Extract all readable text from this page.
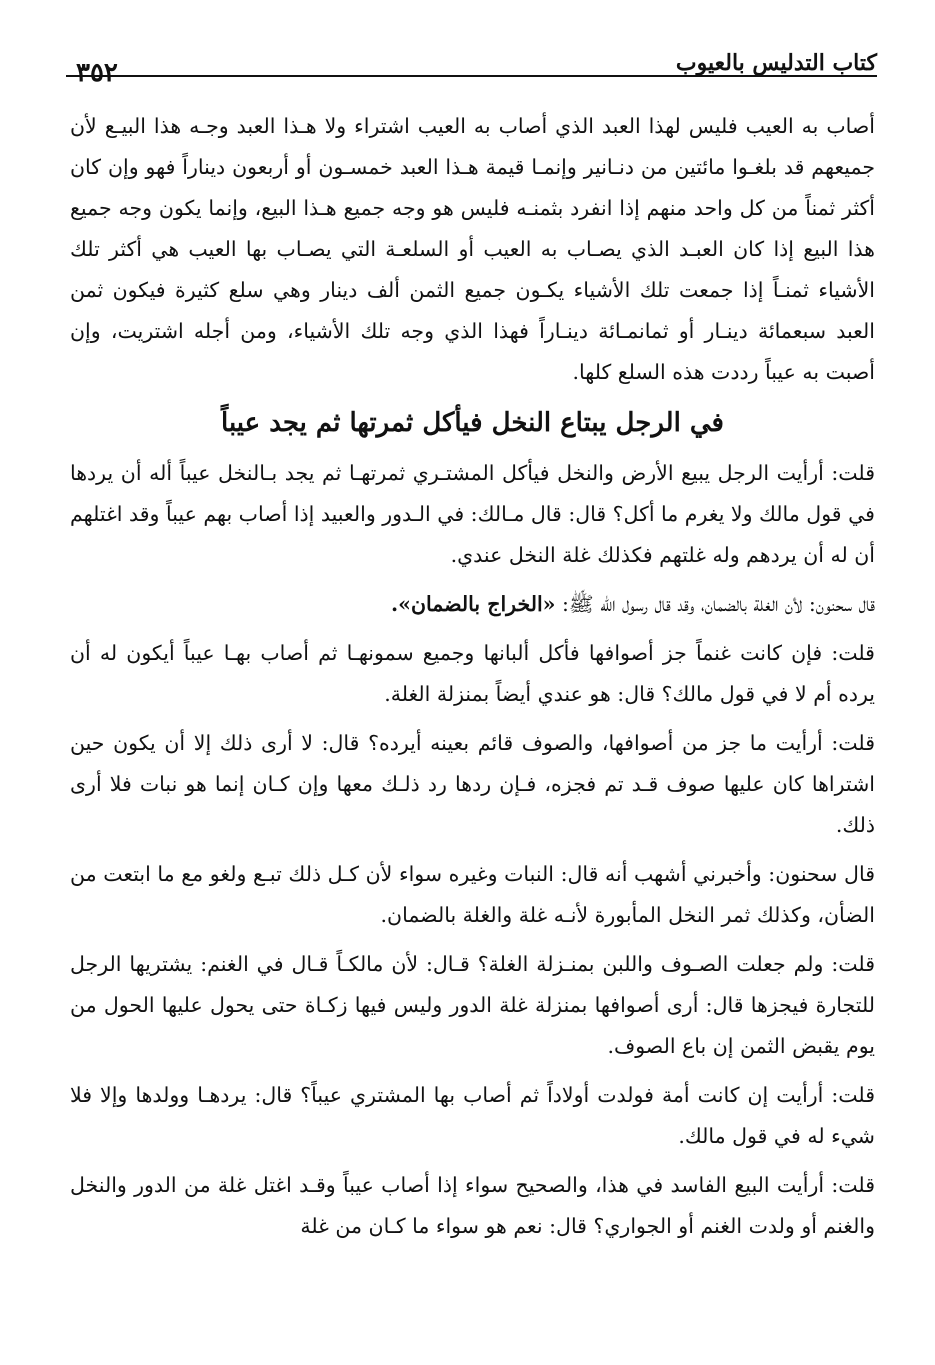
كتاب التدليس بالعيوب
٣٥٢

أصاب به العيب فليس لهذا العبد الذي أصاب به العيب اشتراء ولا هـذا العبد وجـه هذا البيـع لأن جميعهم قد بلغـوا مائتين من دنـانير وإنمـا قيمة هـذا العبد خمسـون أو أربعون ديناراً فهو وإن كان أكثر ثمناً من كل واحد منهم إذا انفرد بثمنـه فليس هو وجه جميع هـذا البيع، وإنما يكون وجه جميع هذا البيع إذا كان العبـد الذي يصـاب به العيب أو السلعـة التي يصـاب بها العيب هي أكثر تلك الأشياء ثمنـاً إذا جمعت تلك الأشياء يكـون جميع الثمن ألف دينار وهي سلع كثيرة فيكون ثمن العبد سبعمائة دينـار أو ثمانمـائة دينـاراً فهذا الذي وجه تلك الأشياء، ومن أجله اشتريت، وإن أصبت به عيباً رددت هذه السلع كلها.

في الرجل يبتاع النخل فيأكل ثمرتها ثم يجد عيباً

قلت: أرأيت الرجل يبيع الأرض والنخل فيأكل المشتـري ثمرتهـا ثم يجد بـالنخل عيباً أله أن يردها في قول مالك ولا يغرم ما أكل؟ قال: قال مـالك: في الـدور والعبيد إذا أصاب بهم عيباً وقد اغتلهم أن له أن يردهم وله غلتهم فكذلك غلة النخل عندي.

قال سحنون: لأن الغلة بالضمان، وقد قال رسول الله ﷺ: «الخراج بالضمان».

قلت: فإن كانت غنماً جز أصوافها فأكل ألبانها وجميع سمونهـا ثم أصاب بهـا عيباً أيكون له أن يرده أم لا في قول مالك؟ قال: هو عندي أيضاً بمنزلة الغلة.

قلت: أرأيت ما جز من أصوافها، والصوف قائم بعينه أيرده؟ قال: لا أرى ذلك إلا أن يكون حين اشتراها كان عليها صوف قـد تم فجزه، فـإن ردها رد ذلـك معها وإن كـان إنما هو نبات فلا أرى ذلك.

قال سحنون: وأخبرني أشهب أنه قال: النبات وغيره سواء لأن كـل ذلك تبـع ولغو مع ما ابتعت من الضأن، وكذلك ثمر النخل المأبورة لأنـه غلة والغلة بالضمان.

قلت: ولم جعلت الصـوف واللبن بمنـزلة الغلة؟ قـال: لأن مالكـاً قـال في الغنم: يشتريها الرجل للتجارة فيجزها قال: أرى أصوافها بمنزلة غلة الدور وليس فيها زكـاة حتى يحول عليها الحول من يوم يقبض الثمن إن باع الصوف.

قلت: أرأيت إن كانت أمة فولدت أولاداً ثم أصاب بها المشتري عيباً؟ قال: يردهـا وولدها وإلا فلا شيء له في قول مالك.

قلت: أرأيت البيع الفاسد في هذا، والصحيح سواء إذا أصاب عيباً وقـد اغتل غلة من الدور والنخل والغنم أو ولدت الغنم أو الجواري؟ قال: نعم هو سواء ما كـان من غلة
